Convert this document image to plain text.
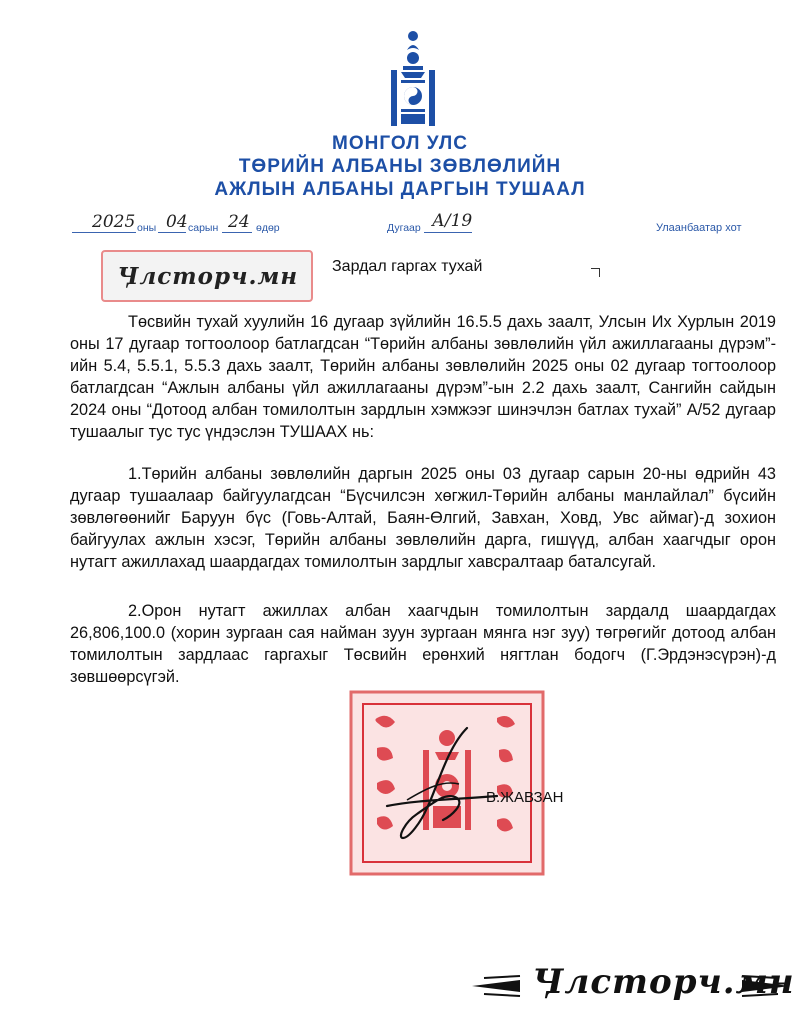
МОНГОЛ УЛС
ТӨРИЙН АЛБАНЫ ЗӨВЛӨЛИЙН
АЖЛЫН АЛБАНЫ ДАРГЫН ТУШААЛ
2025 оны 04 сарын 24 өдөр	Дугаар А/19	Улаанбаатар хот
Ӌлсторч.мн Зардал гаргах тухай

Төсвийн тухай хуулийн 16 дугаар зүйлийн 16.5.5 дахь заалт, Улсын Их Хурлын 2019 оны 17 дугаар тогтоолоор батлагдсан “Төрийн албаны зөвлөлийн үйл ажиллагааны дүрэм”-ийн 5.4, 5.5.1, 5.5.3 дахь заалт, Төрийн албаны зөвлөлийн 2025 оны 02 дугаар тогтоолоор батлагдсан “Ажлын албаны үйл ажиллагааны дүрэм”-ын 2.2 дахь заалт, Сангийн сайдын 2024 оны “Дотоод албан томилолтын зардлын хэмжээг шинэчлэн батлах тухай” А/52 дугаар тушаалыг тус тус үндэслэн ТУШААХ нь:

1.Төрийн албаны зөвлөлийн даргын 2025 оны 03 дугаар сарын 20-ны өдрийн 43 дугаар тушаалаар байгуулагдсан “Бүсчилсэн хөгжил-Төрийн албаны манлайлал” бүсийн зөвлөгөөнийг Баруун бүс (Говь-Алтай, Баян-Өлгий, Завхан, Ховд, Увс аймаг)-д зохион байгуулах ажлын хэсэг, Төрийн албаны зөвлөлийн дарга, гишүүд, албан хаагчдыг орон нутагт ажиллахад шаардагдах томилолтын зардлыг хавсралтаар баталсугай.

2.Орон нутагт ажиллах албан хаагчдын томилолтын зардалд шаардагдах 26,806,100.0 (хорин зургаан сая найман зуун зургаан мянга нэг зуу) төгрөгийг дотоод албан томилолтын зардлаас гаргахыг Төсвийн ерөнхий нягтлан бодогч (Г.Эрдэнэсүрэн)-д зөвшөөрсүгэй.

В.ЖАВЗАН
Ӌлсторч.мн
